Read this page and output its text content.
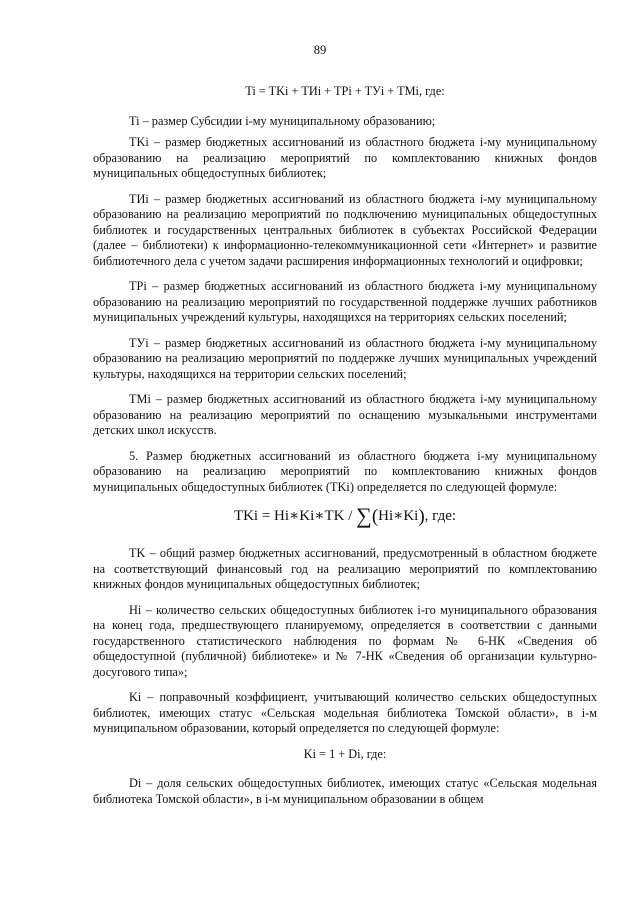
89

Ti = TKi + TИi + TPi + TУi + TMi, где:

Ti – размер Субсидии i-му муниципальному образованию;

TKi – размер бюджетных ассигнований из областного бюджета i-му муниципальному образованию на реализацию мероприятий по комплектованию книжных фондов муниципальных общедоступных библиотек;

TИi – размер бюджетных ассигнований из областного бюджета i-му муниципальному образованию на реализацию мероприятий по подключению муниципальных общедоступных библиотек и государственных центральных библиотек в субъектах Российской Федерации (далее – библиотеки) к информационно-телекоммуникационной сети «Интернет» и развитие библиотечного дела с учетом задачи расширения информационных технологий и оцифровки;

TPi – размер бюджетных ассигнований из областного бюджета i-му муниципальному образованию на реализацию мероприятий по государственной поддержке лучших работников муниципальных учреждений культуры, находящихся на территориях сельских поселений;

TУi – размер бюджетных ассигнований из областного бюджета i-му муниципальному образованию на реализацию мероприятий по поддержке лучших муниципальных учреждений культуры, находящихся на территории сельских поселений;

TMi – размер бюджетных ассигнований из областного бюджета i-му муниципальному образованию на реализацию мероприятий по оснащению музыкальными инструментами детских школ искусств.

5. Размер бюджетных ассигнований из областного бюджета i-му муниципальному образованию на реализацию мероприятий по комплектованию книжных фондов муниципальных общедоступных библиотек (TKi) определяется по следующей формуле:

TKi = Hi∗Ki∗TK / ∑(Hi∗Ki), где:

TK – общий размер бюджетных ассигнований, предусмотренный в областном бюджете на соответствующий финансовый год на реализацию мероприятий по комплектованию книжных фондов муниципальных общедоступных библиотек;

Hi – количество сельских общедоступных библиотек i-го муниципального образования на конец года, предшествующего планируемому, определяется в соответствии с данными государственного статистического наблюдения по формам № 6-НК «Сведения об общедоступной (публичной) библиотеке» и № 7-НК «Сведения об организации культурно-досугового типа»;

Ki – поправочный коэффициент, учитывающий количество сельских общедоступных библиотек, имеющих статус «Сельская модельная библиотека Томской области», в i-м муниципальном образовании, который определяется по следующей формуле:

Ki = 1 + Di, где:

Di – доля сельских общедоступных библиотек, имеющих статус «Сельская модельная библиотека Томской области», в i-м муниципальном образовании в общем
